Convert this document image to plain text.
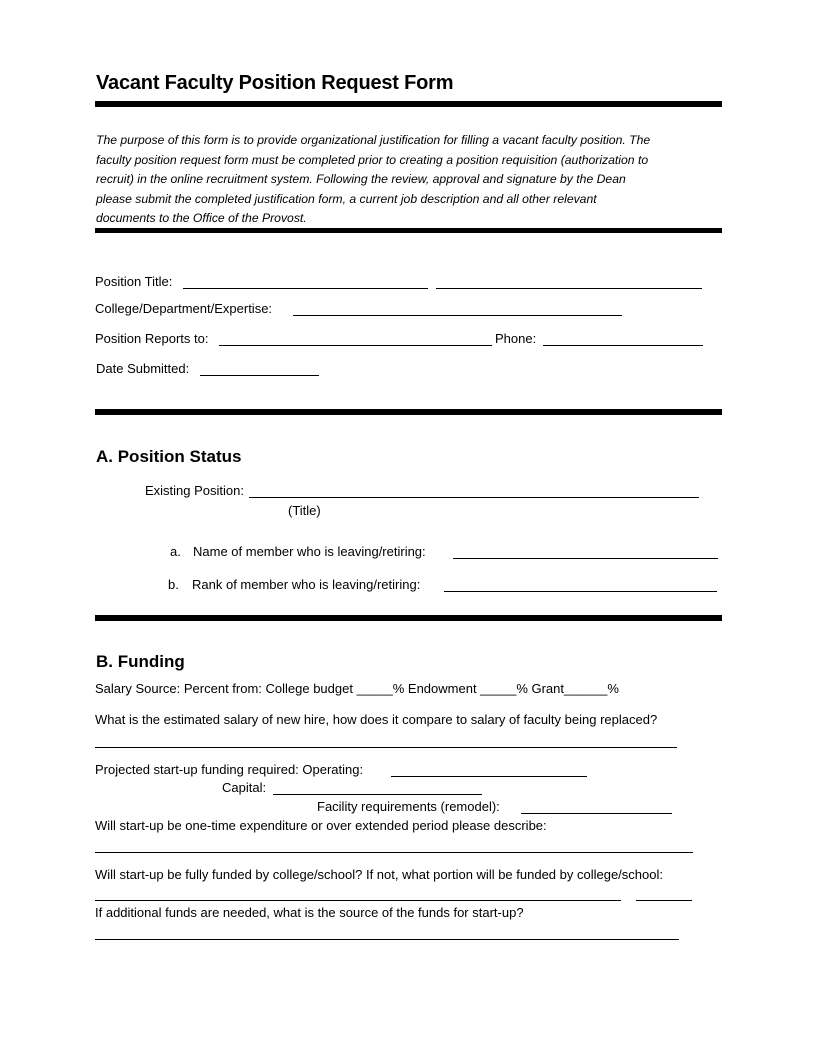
Vacant Faculty Position Request Form
The purpose of this form is to provide organizational justification for filling a vacant faculty position. The
faculty position request form must be completed prior to creating a position requisition (authorization to
recruit) in the online recruitment system. Following the review, approval and signature by the Dean
please submit the completed justification form, a current job description and all other relevant
documents to the Office of the Provost.
Position Title:
College/Department/Expertise:
Position Reports to:	Phone:
Date Submitted:
A. Position Status
Existing Position:
(Title)
a. Name of member who is leaving/retiring:
b. Rank of member who is leaving/retiring:
B. Funding
Salary Source: Percent from: College budget _____% Endowment _____% Grant______%
What is the estimated salary of new hire, how does it compare to salary of faculty being replaced?
Projected start-up funding required: Operating:
Capital:
Facility requirements (remodel):
Will start-up be one-time expenditure or over extended period please describe:
Will start-up be fully funded by college/school? If not, what portion will be funded by college/school:
If additional funds are needed, what is the source of the funds for start-up?
